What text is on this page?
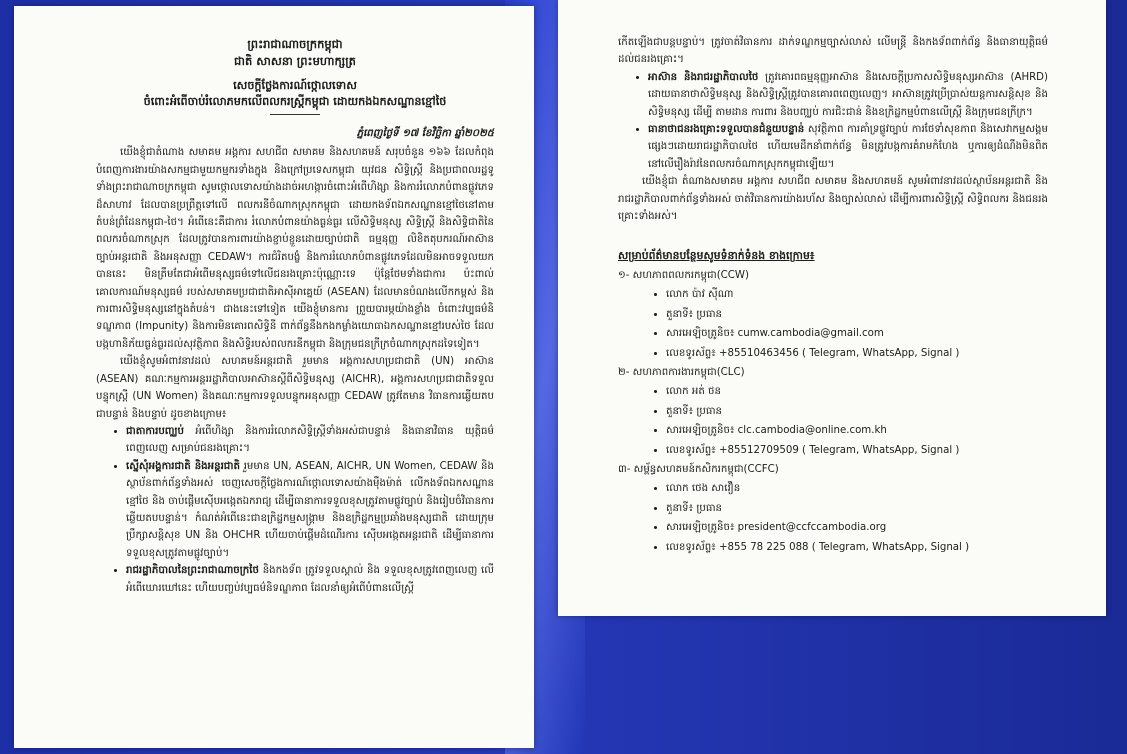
ព្រះរាជាណាចក្រកម្ពុជា
ជាតិ សាសនា ព្រះមហាក្សត្រ
សេចក្តីថ្លែងការណ៍ថ្កោលទោស
ចំពោះអំពើចាប់រំលោភមកលើពលករស្រ្តីកម្ពុជា ដោយកងឯកសណ្ឋានខ្មៅថៃ
ភ្នំពេញថ្ងៃទី ១៧ ខែវិច្ឆិកា ឆ្នាំ២០២៥

យើងខ្ញុំជាតំណាង សមាគម អង្គការ សហជីព សមាគម និងសហគមន៍ សរុបចំនួន ១៦៦ ដែលកំពុងបំពេញការងារយ៉ាងសកម្មជាមួយកម្មករទាំងក្នុង និងក្រៅប្រទេសកម្ពុជា យុវជន សិទ្ធិស្ត្រី និងប្រជាពលរដ្ឋទូទាំងព្រះរាជាណាចក្រកម្ពុជា សូមថ្កោលទោសយ៉ាងដាច់អហង្ការចំពោះអំពើហិង្សា និងការរំលោភបំពានផ្លូវភេទដ៏សាហាវ ដែលបានប្រព្រឹត្តទៅលើ ពលករនីចំណាកស្រុកកម្ពុជា ដោយកងទ័ពឯកសណ្ឋានខ្មៅថៃនៅតាមតំបន់ព្រំដែនកម្ពុជា-ថៃ។ អំពើនេះគឺជាការ រំលោភបំពានយ៉ាងធ្ងន់ធ្ងរ លើសិទ្ធិមនុស្ស សិទ្ធិស្ត្រី និងសិទ្ធិជាតិនៃពលករចំណាកស្រុក ដែលត្រូវបានការពារយ៉ាងខ្ជាប់ខ្ជួនដោយច្បាប់ជាតិ ធម្មនុញ្ញ លិខិតតុបករណ៍អាស៊ាន ច្បាប់អន្តរជាតិ និងអនុសញ្ញា CEDAW។ ការជំរិតបង្ខំ និងការរំលោភបំពានផ្លូវភេទដែលមិនអាចទទួលយកបាននេះ មិនត្រឹមតែជាអំពើមនុស្សធម៌ទៅលើជនរងគ្រោះប៉ុណ្ណោះទេ ប៉ុន្តែថែមទាំងជាការ ប៉ះពាល់គោលការណ៍មនុស្សធម៌ របស់សមាគមប្រជាជាតិអាស៊ីអាគ្នេយ៍ (ASEAN) ដែលមានបំណងលើកកម្ពស់ និងការពារសិទ្ធិមនុស្សនៅក្នុងតំបន់។ ជាងនេះទៅទៀត យើងខ្ញុំមានការ ព្រួយបារម្ភយ៉ាងខ្លាំង ចំពោះវប្បធម៌និទណ្ឌភាព (Impunity) និងការមិនគោរពសិទ្ធិនី ពាក់ព័ន្ធនឹងកងកម្លាំងយោធាឯកសណ្ឋានខ្មៅរបស់ថៃ ដែលបង្កហានិភ័យធ្ងន់ធ្ងរដល់សុវត្ថិភាព និងសិទ្ធិរបស់ពលករនីកម្ពុជា និងក្រុមជនក្រីក្រចំណាកស្រុកដទៃទៀត។

យើងខ្ញុំសូមអំពាវនាវដល់ សហគមន៍អន្តរជាតិ រួមមាន អង្គការសហប្រជាជាតិ (UN) អាស៊ាន (ASEAN) គណៈកម្មការអន្តររដ្ឋាភិបាលអាស៊ានស្ដីពីសិទ្ធិមនុស្ស (AICHR), អង្គការសហប្រជាជាតិទទួលបន្ទុកស្ត្រី (UN Women) និងគណៈកម្មការទទួលបន្ទុកអនុសញ្ញា CEDAW ត្រូវតែមាន វិធានការឆ្លើយតបជាបន្ទាន់ និងបន្ទាប់ ដូចខាងក្រោម៖

• ជាតាការបញ្ឈប់ អំពើហិង្សា និងការរំលោភសិទ្ធិស្ត្រីទាំងអស់ជាបន្ទាន់ និងធានាវិធាន យុត្តិធម៌ពេញលេញ សម្រាប់ជនរងគ្រោះ។
• ស្នើសុំអង្គការជាតិ និងអន្តរជាតិ រួមមាន UN, ASEAN, AICHR, UN Women, CEDAW និងស្ថាប័នពាក់ព័ន្ធទាំងអស់ ចេញសេចក្តីថ្លែងការណ៍ថ្កោលទោសយ៉ាងម៉ឺងម៉ាត់ លើកងទ័ពឯកសណ្ឋានខ្មៅថៃ និង ចាប់ផ្តើមស៊ើបអង្កេតឯករាជ្យ ដើម្បីធានាការទទួលខុសត្រូវតាមផ្លូវច្បាប់ និងរៀបចំវិធានការឆ្លើយតបបន្ទាន់។ កំណត់អំពើនេះជាឧក្រិដ្ឋកម្មសង្គ្រាម និងឧក្រិដ្ឋកម្មប្រឆាំងមនុស្សជាតិ ដោយក្រុមប្រឹក្សាសន្តិសុខ UN និង OHCHR ហើយចាប់ផ្តើមដំណើរការ ស៊ើបអង្កេតអន្តរជាតិ ដើម្បីធានាការទទួលខុសត្រូវតាមផ្លូវច្បាប់។
• រាជរដ្ឋាភិបាលនៃព្រះរាជាណាចក្រថៃ និងកងទ័ព ត្រូវទទួលស្គាល់ និង ទទួលខុសត្រូវពេញលេញ លើអំពើឃោរឃៅនេះ ហើយបញ្ចប់វប្បធម៌និទណ្ឌភាព ដែលនាំឲ្យអំពើបំពានលើស្ត្រី

កើតឡើងជាបន្តបន្ទាប់។ ត្រូវចាត់វិធានការ ដាក់ទណ្ឌកម្មច្បាស់លាស់ លើមន្រ្តី និងកងទ័ពពាក់ព័ន្ធ និងធានាយុត្តិធម៌ដល់ជនរងគ្រោះ។

• អាស៊ាន និងរាជរដ្ឋាភិបាលថៃ ត្រូវគោរពធម្មនុញ្ញអាស៊ាន និងសេចក្តីប្រកាសសិទ្ធិមនុស្សអាស៊ាន (AHRD) ដោយធានាថាសិទ្ធិមនុស្ស និងសិទ្ធិស្ត្រីត្រូវបានគោរពពេញលេញ។ អាស៊ានត្រូវប្រើប្រាស់យន្តការសន្តិសុខ និងសិទ្ធិមនុស្ស ដើម្បី តាមដាន ការពារ និងបញ្ឈប់ ការជិះជាន់ និងឧក្រិដ្ឋកម្មបំពានលើស្ត្រី និងក្រុមជនក្រីក្រ។
• ធានាថាជនរងគ្រោះទទួលបានជំនួយបន្ទាន់ សុវត្ថិភាព ការគាំទ្រផ្លូវច្បាប់ ការថែទាំសុខភាព និងសេវាកម្មសង្គមផ្សេងៗដោយរាជរដ្ឋាភិបាលថៃ ហើយមេដឹកនាំពាក់ព័ន្ធ មិនត្រូវបង្កការគំរាមកំហែង ឬការឲ្យដំណឹងមិនពិតនៅលើរឿងរ៉ាវនៃពលករចំណាកស្រុកកម្ពុជាឡើយ។

យើងខ្ញុំជា តំណាងសមាគម អង្គការ សហជីព សមាគម និងសហគមន៍ សូមអំពាវនាវដល់ស្ថាប័នអន្តរជាតិ និងរាជរដ្ឋាភិបាលពាក់ព័ន្ធទាំងអស់ ចាត់វិធានការយ៉ាងរហ័ស និងច្បាស់លាស់ ដើម្បីការពារសិទ្ធិស្ត្រី សិទ្ធិពលករ និងជនរងគ្រោះទាំងអស់។

សម្រាប់ព័ត៌មានបន្ថែមសូមទំនាក់ទំនង ខាងក្រោម៖
១- សហភាពពលករកម្ពុជា(CCW)
• លោក ប៉ាវ ស៊ីណា
• តួនាទី៖ ប្រធាន
• សារអេឡិចត្រូនិច៖ cumw.cambodia@gmail.com
• លេខទូរស័ព្ទ៖ +85510463456 ( Telegram, WhatsApp, Signal )
២- សហភាពការងារកម្ពុជា(CLC)
• លោក អត់ ថន
• តួនាទី៖ ប្រធាន
• សារអេឡិចត្រូនិច៖ clc.cambodia@online.com.kh
• លេខទូរស័ព្ទ៖ +85512709509 ( Telegram, WhatsApp, Signal )
៣- សម្ព័ន្ធសហគមន៍កសិករកម្ពុជា(CCFC)
• លោក ថេង សាវឿន
• តួនាទី៖ ប្រធាន
• សារអេឡិចត្រូនិច៖ president@ccfccambodia.org
• លេខទូរស័ព្ទ៖ +855 78 225 088 ( Telegram, WhatsApp, Signal )
